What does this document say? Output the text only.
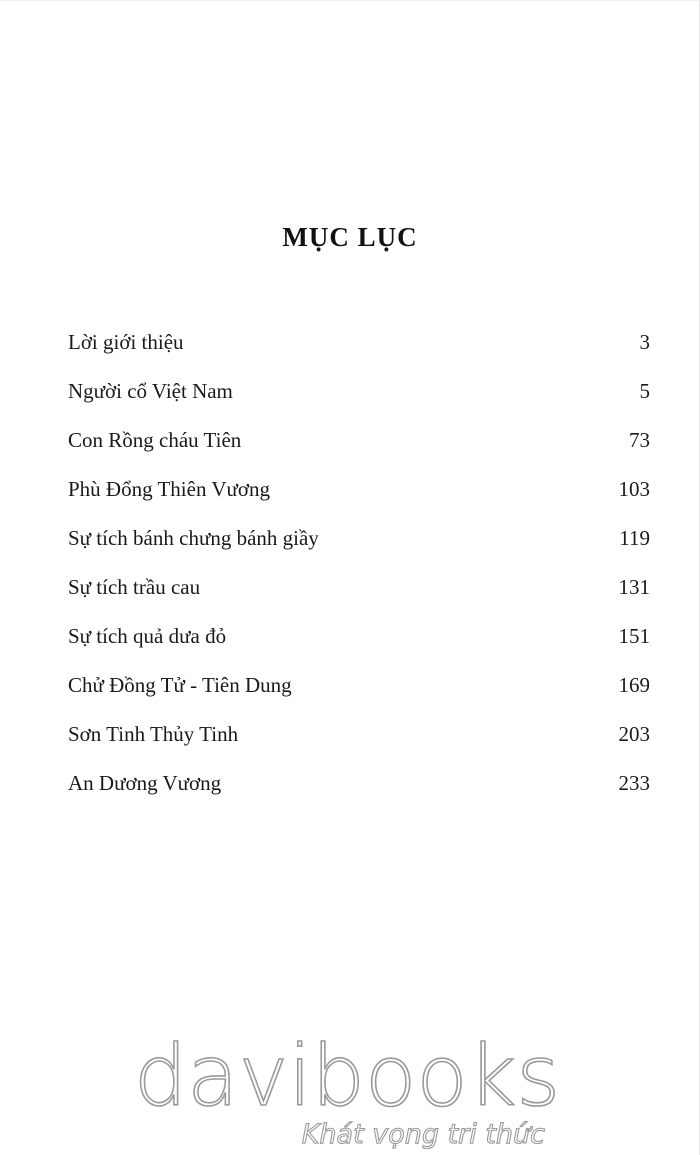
MỤC LỤC
Lời giới thiệu	3
Người cổ Việt Nam	5
Con Rồng cháu Tiên	73
Phù Đổng Thiên Vương	103
Sự tích bánh chưng bánh giầy	119
Sự tích trầu cau	131
Sự tích quả dưa đỏ	151
Chử Đồng Tử - Tiên Dung	169
Sơn Tinh Thủy Tinh	203
An Dương Vương	233
davibooks
Khát vọng tri thức
